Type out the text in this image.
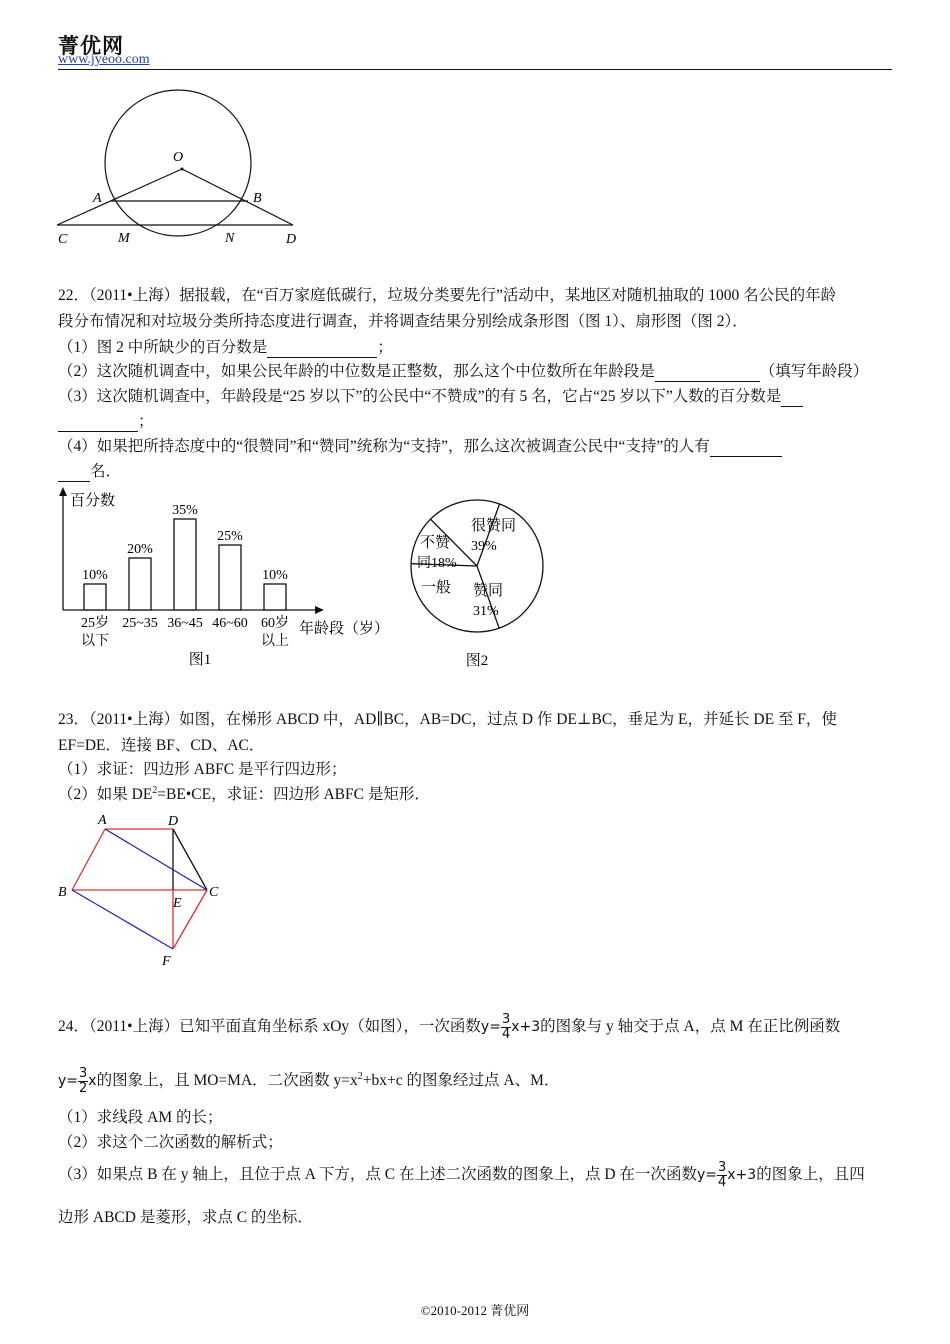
菁优网
www.jyeoo.com
O
A	B
C	M	N	D
22．（2011•上海）据报载，在“百万家庭低碳行，垃圾分类要先行”活动中，某地区对随机抽取的 1000 名公民的年龄
段分布情况和对垃圾分类所持态度进行调查，并将调查结果分别绘成条形图（图 1）、扇形图（图 2）．
（1）图 2 中所缺少的百分数是	；
（2）这次随机调查中，如果公民年龄的中位数是正整数，那么这个中位数所在年龄段是	（填写年龄段）
（3）这次随机调查中，年龄段是“25 岁以下”的公民中“不赞成”的有 5 名，它占“25 岁以下”人数的百分数是
；
（4）如果把所持态度中的“很赞同”和“赞同”统称为“支持”，那么这次被调查公民中“支持”的人有
名．
百分数
年龄段（岁）
图1
10%
25岁
以下
20%
25~35
35%
36~45
25%
46~60
10%
60岁
以上
很赞同
39%
赞同
31%
一般
不赞
同18%
图2
23．（2011•上海）如图，在梯形 ABCD 中，AD∥BC，AB=DC，过点 D 作 DE⊥BC，垂足为 E，并延长 DE 至 F，使
EF=DE．连接 BF、CD、AC．
（1）求证：四边形 ABFC 是平行四边形；
（2）如果 $DE^2=BE•CE$，求证：四边形 ABFC 是矩形．
A	D
B
E
C
F
24．（2011•上海）已知平面直角坐标系 xOy（如图），一次函数$y= \frac{3}{4} x+3$的图象与 y 轴交于点 A，点 M 在正比例函数
$y= \frac{3}{2}$ x的图象上，且 MO=MA．二次函数 $y=x^2+bx+c$ 的图象经过点 A、M．
（1）求线段 AM 的长；
（2）求这个二次函数的解析式；
（3）如果点 B 在 y 轴上，且位于点 A 下方，点 C 在上述二次函数的图象上，点 D 在一次函数$y= \frac{3}{4} x+3$的图象上，且四
边形 ABCD 是菱形，求点 C 的坐标．
©2010-2012 菁优网
